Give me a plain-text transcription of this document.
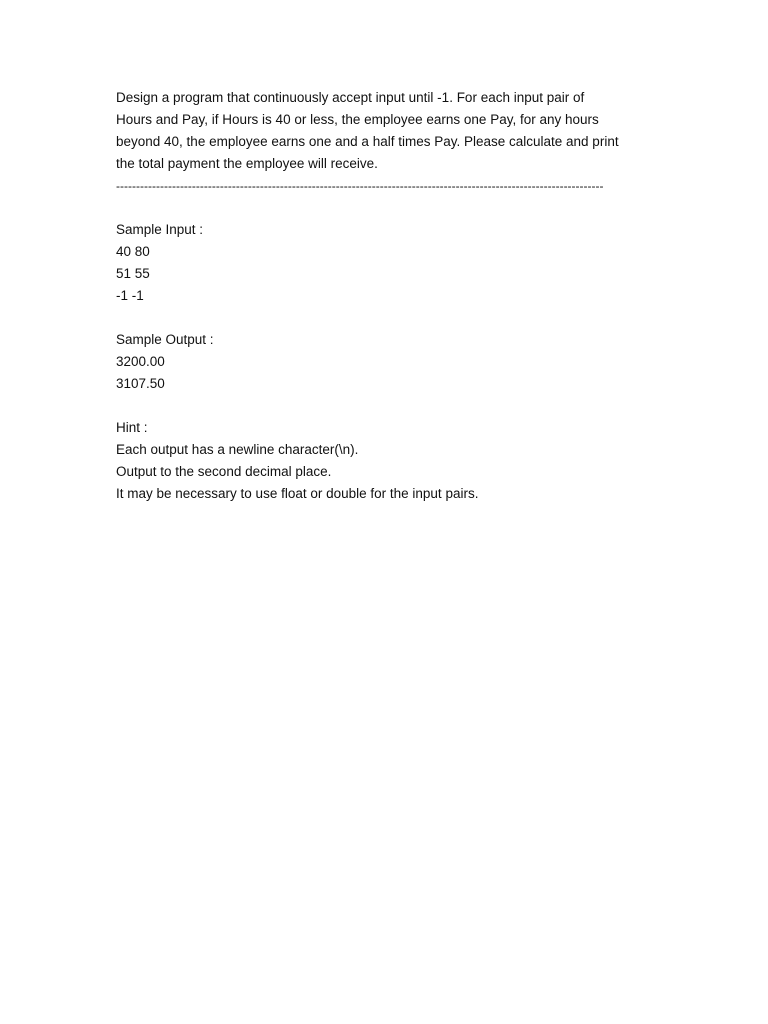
Design a program that continuously accept input until -1. For each input pair of

Hours and Pay, if Hours is 40 or less, the employee earns one Pay, for any hours

beyond 40, the employee earns one and a half times Pay. Please calculate and print

the total payment the employee will receive.

--------------------------------------------------------------------------------------------------------------------------

Sample Input :

40 80

51 55

-1 -1

Sample Output :

3200.00

3107.50

Hint :

Each output has a newline character(\n).

Output to the second decimal place.

It may be necessary to use float or double for the input pairs.
